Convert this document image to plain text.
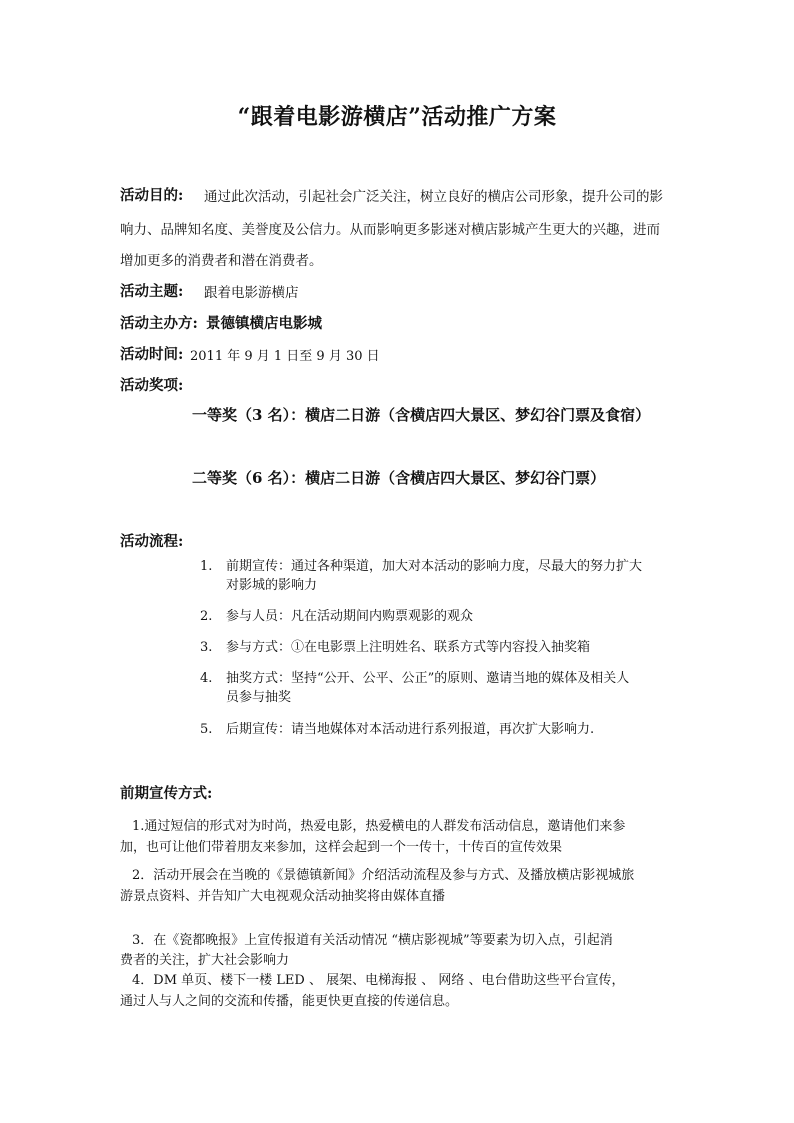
“跟着电影游横店”活动推广方案
活动目的: 通过此次活动，引起社会广泛关注，树立良好的横店公司形象，提升公司的影
响力、品牌知名度、美誉度及公信力。从而影响更多影迷对横店影城产生更大的兴趣，进而
增加更多的消费者和潜在消费者。
活动主题: 跟着电影游横店
活动主办方: 景德镇横店电影城
活动时间: 2011 年 9 月 1 日至 9 月 30 日
活动奖项:
一等奖（3 名）：横店二日游（含横店四大景区、梦幻谷门票及食宿）
二等奖（6 名）：横店二日游（含横店四大景区、梦幻谷门票）
活动流程:
1.	前期宣传：通过各种渠道，加大对本活动的影响力度，尽最大的努力扩大
对影城的影响力
2.	参与人员：凡在活动期间内购票观影的观众
3.	参与方式：①在电影票上注明姓名、联系方式等内容投入抽奖箱
4.	抽奖方式：坚持“公开、公平、公正”的原则、邀请当地的媒体及相关人
员参与抽奖
5.	后期宣传：请当地媒体对本活动进行系列报道，再次扩大影响力.
前期宣传方式:
1.通过短信的形式对为时尚，热爱电影，热爱横电的人群发布活动信息，邀请他们来参
加，也可让他们带着朋友来参加，这样会起到一个一传十，十传百的宣传效果
2．活动开展会在当晚的《景德镇新闻》介绍活动流程及参与方式、及播放横店影视城旅
游景点资料、并告知广大电视观众活动抽奖将由媒体直播
3．在《瓷都晚报》上宣传报道有关活动情况 “横店影视城”等要素为切入点，引起消
费者的关注，扩大社会影响力
4．DM 单页、楼下一楼 LED 、 展架、电梯海报 、 网络 、电台借助这些平台宣传，
通过人与人之间的交流和传播，能更快更直接的传递信息。
